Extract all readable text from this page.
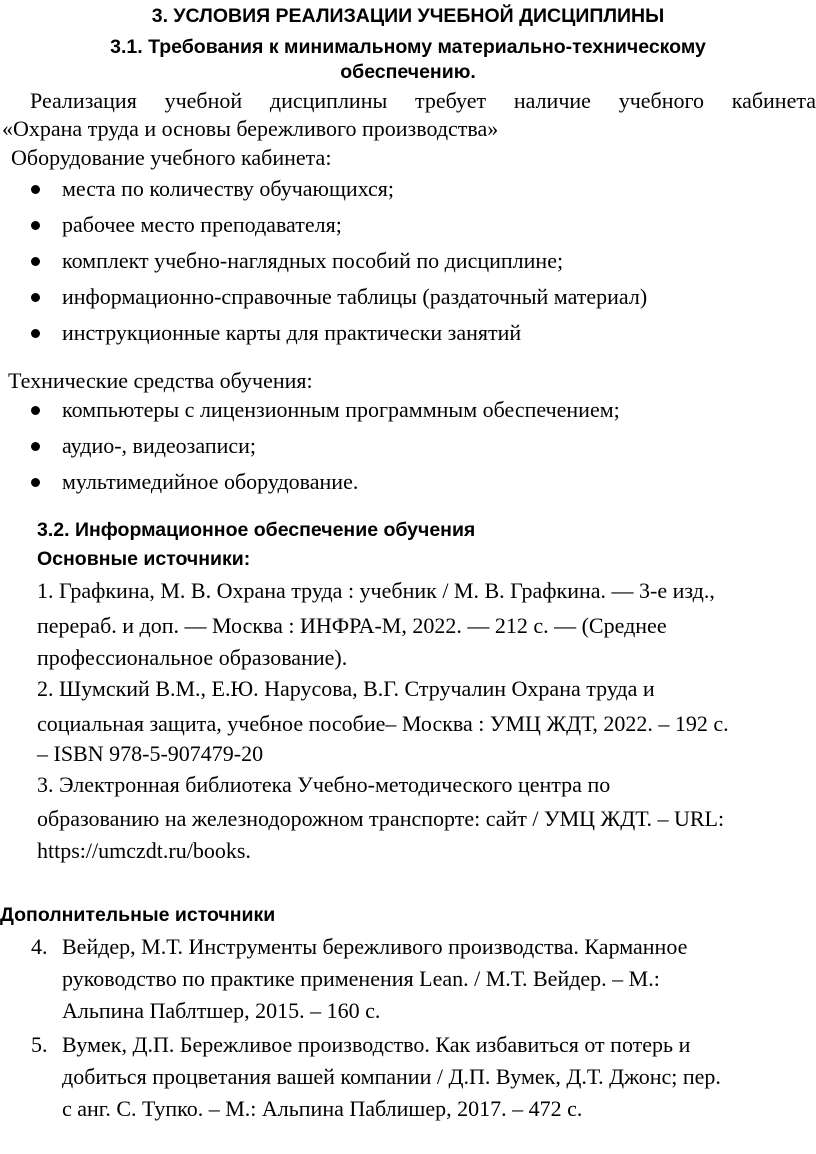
3. УСЛОВИЯ РЕАЛИЗАЦИИ УЧЕБНОЙ ДИСЦИПЛИНЫ
3.1. Требования к минимальному материально-техническому
обеспечению.
Реализация учебной дисциплины требует наличие учебного кабинета
«Охрана труда и основы бережливого производства»
Оборудование учебного кабинета:
места по количеству обучающихся;
рабочее место преподавателя;
комплект учебно-наглядных пособий по дисциплине;
информационно-справочные таблицы (раздаточный материал)
инструкционные карты для практически занятий
Технические средства обучения:
компьютеры с лицензионным программным обеспечением;
аудио-, видеозаписи;
мультимедийное оборудование.
3.2. Информационное обеспечение обучения
Основные источники:
1. Графкина, М. В. Охрана труда : учебник / М. В. Графкина. — 3-е изд.,
перераб. и доп. — Москва : ИНФРА-М, 2022. — 212 с. — (Среднее
профессиональное образование).
2. Шумский В.М., Е.Ю. Нарусова, В.Г. Стручалин Охрана труда и
социальная защита, учебное пособие– Москва : УМЦ ЖДТ, 2022. – 192 с.
– ISBN 978-5-907479-20
3. Электронная библиотека Учебно-методического центра по
образованию на железнодорожном транспорте: сайт / УМЦ ЖДТ. – URL:
https://umczdt.ru/books.
Дополнительные источники
4. Вейдер, М.Т. Инструменты бережливого производства. Карманное
руководство по практике применения Lean. / М.Т. Вейдер. – М.:
Альпина Паблтшер, 2015. – 160 с.
5. Вумек, Д.П. Бережливое производство. Как избавиться от потерь и
добиться процветания вашей компании / Д.П. Вумек, Д.Т. Джонс; пер.
с анг. С. Тупко. – М.: Альпина Паблишер, 2017. – 472 с.
